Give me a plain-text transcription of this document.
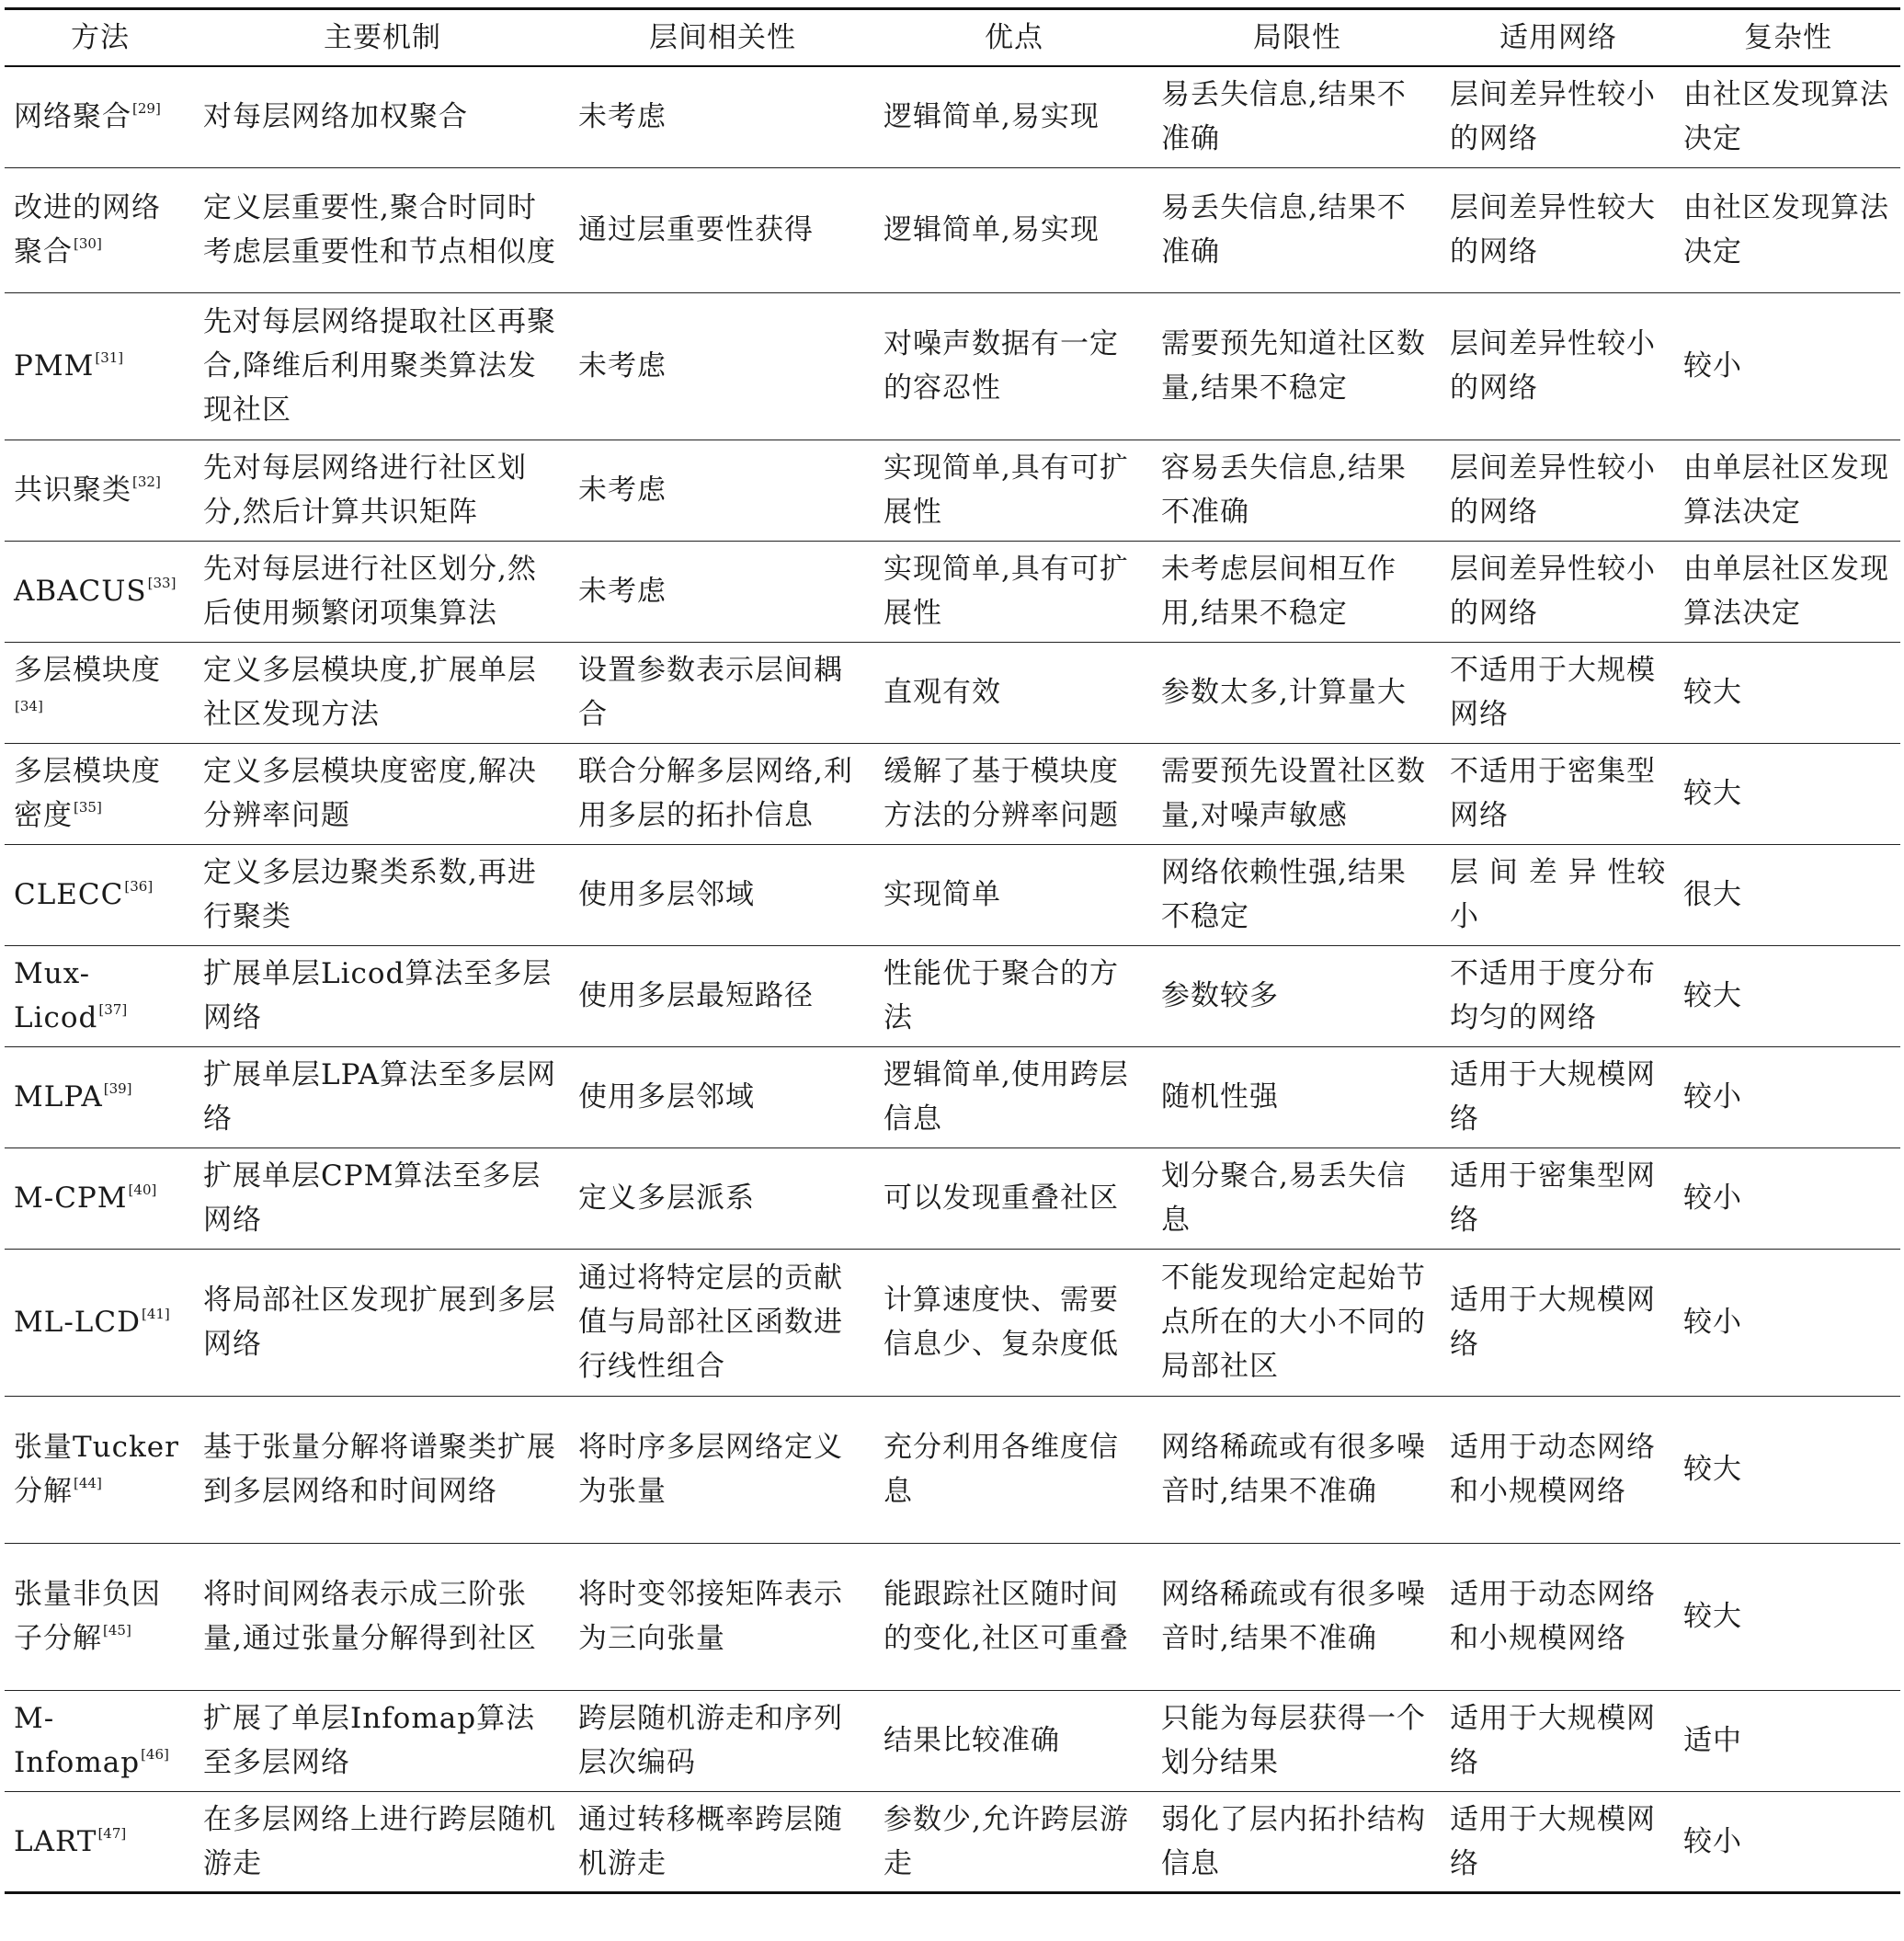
方法	主要机制	层间相关性	优点	局限性	适用网络	复杂性
网络聚合[29]	对每层网络加权聚合	未考虑	逻辑简单,易实现	易丢失信息,结果不准确	层间差异性较小的网络	由社区发现算法决定
改进的网络聚合[30]	定义层重要性,聚合时同时考虑层重要性和节点相似度	通过层重要性获得	逻辑简单,易实现	易丢失信息,结果不准确	层间差异性较大的网络	由社区发现算法决定
PMM[31]	先对每层网络提取社区再聚合,降维后利用聚类算法发现社区	未考虑	对噪声数据有一定的容忍性	需要预先知道社区数量,结果不稳定	层间差异性较小的网络	较小
共识聚类[32]	先对每层网络进行社区划分,然后计算共识矩阵	未考虑	实现简单,具有可扩展性	容易丢失信息,结果不准确	层间差异性较小的网络	由单层社区发现算法决定
ABACUS[33]	先对每层进行社区划分,然后使用频繁闭项集算法	未考虑	实现简单,具有可扩展性	未考虑层间相互作用,结果不稳定	层间差异性较小的网络	由单层社区发现算法决定
多层模块度[34]	定义多层模块度,扩展单层社区发现方法	设置参数表示层间耦合	直观有效	参数太多,计算量大	不适用于大规模网络	较大
多层模块度密度[35]	定义多层模块度密度,解决分辨率问题	联合分解多层网络,利用多层的拓扑信息	缓解了基于模块度方法的分辨率问题	需要预先设置社区数量,对噪声敏感	不适用于密集型网络	较大
CLECC[36]	定义多层边聚类系数,再进行聚类	使用多层邻域	实现简单	网络依赖性强,结果不稳定	层 间 差 异 性较小	很大
Mux-Licod[37]	扩展单层Licod算法至多层网络	使用多层最短路径	性能优于聚合的方法	参数较多	不适用于度分布均匀的网络	较大
MLPA[39]	扩展单层LPA算法至多层网络	使用多层邻域	逻辑简单,使用跨层信息	随机性强	适用于大规模网络	较小
M-CPM[40]	扩展单层CPM算法至多层网络	定义多层派系	可以发现重叠社区	划分聚合,易丢失信息	适用于密集型网络	较小
ML-LCD[41]	将局部社区发现扩展到多层网络	通过将特定层的贡献值与局部社区函数进行线性组合	计算速度快、需要信息少、复杂度低	不能发现给定起始节点所在的大小不同的局部社区	适用于大规模网络	较小
张量Tucker分解[44]	基于张量分解将谱聚类扩展到多层网络和时间网络	将时序多层网络定义为张量	充分利用各维度信息	网络稀疏或有很多噪音时,结果不准确	适用于动态网络和小规模网络	较大
张量非负因子分解[45]	将时间网络表示成三阶张量,通过张量分解得到社区	将时变邻接矩阵表示为三向张量	能跟踪社区随时间的变化,社区可重叠	网络稀疏或有很多噪音时,结果不准确	适用于动态网络和小规模网络	较大
M-Infomap[46]	扩展了单层Infomap算法至多层网络	跨层随机游走和序列层次编码	结果比较准确	只能为每层获得一个划分结果	适用于大规模网络	适中
LART[47]	在多层网络上进行跨层随机游走	通过转移概率跨层随机游走	参数少,允许跨层游走	弱化了层内拓扑结构信息	适用于大规模网络	较小
